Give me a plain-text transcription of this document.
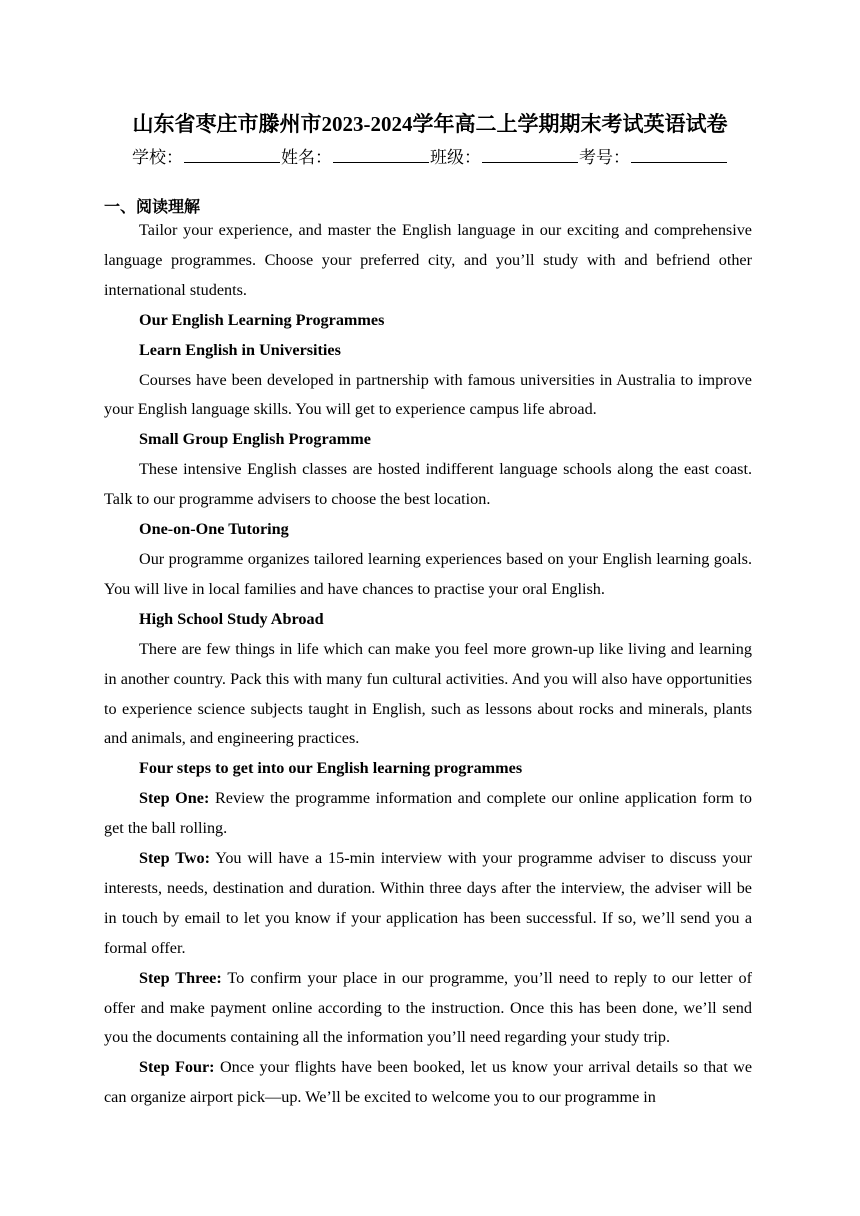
山东省枣庄市滕州市2023-2024学年高二上学期期末考试英语试卷
学校：	姓名：	班级：	考号：
一、阅读理解

Tailor your experience, and master the English language in our exciting and comprehensive language programmes. Choose your preferred city, and you’ll study with and befriend other international students.

Our English Learning Programmes

Learn English in Universities

Courses have been developed in partnership with famous universities in Australia to improve your English language skills. You will get to experience campus life abroad.

Small Group English Programme

These intensive English classes are hosted indifferent language schools along the east coast. Talk to our programme advisers to choose the best location.

One-on-One Tutoring

Our programme organizes tailored learning experiences based on your English learning goals. You will live in local families and have chances to practise your oral English.

High School Study Abroad

There are few things in life which can make you feel more grown-up like living and learning in another country. Pack this with many fun cultural activities. And you will also have opportunities to experience science subjects taught in English, such as lessons about rocks and minerals, plants and animals, and engineering practices.

Four steps to get into our English learning programmes

Step One: Review the programme information and complete our online application form to get the ball rolling.

Step Two: You will have a 15-min interview with your programme adviser to discuss your interests, needs, destination and duration. Within three days after the interview, the adviser will be in touch by email to let you know if your application has been successful. If so, we’ll send you a formal offer.

Step Three: To confirm your place in our programme, you’ll need to reply to our letter of offer and make payment online according to the instruction. Once this has been done, we’ll send you the documents containing all the information you’ll need regarding your study trip.

Step Four: Once your flights have been booked, let us know your arrival details so that we can organize airport pick—up. We’ll be excited to welcome you to our programme in
